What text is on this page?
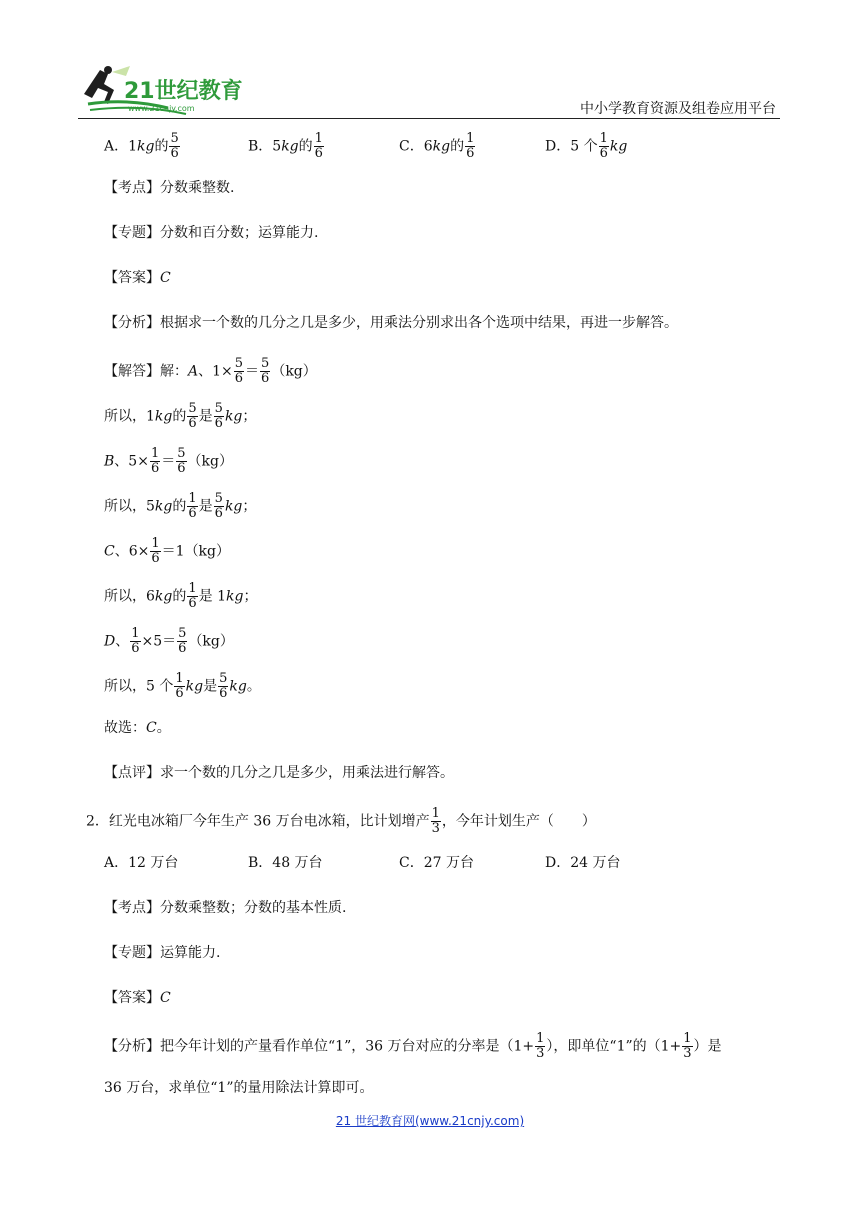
21世纪教育
www.21cnjy.com	中小学教育资源及组卷应用平台
A．1kg的 $\frac{5}{6}$	B．5kg的 $\frac{1}{6}$	C．6kg的 $\frac{1}{6}$	D．5 个 $\frac{1}{6}$ kg
【考点】分数乘整数.
【专题】分数和百分数；运算能力.
【答案】C
【分析】根据求一个数的几分之几是多少，用乘法分别求出各个选项中结果，再进一步解答。
【解答】解：A、$1\times \frac{5}{6} = \frac{5}{6} (kg)$
所以，1kg的 $\frac{5}{6}$ 是 $\frac{5}{6}$ kg；
B、$5\times \frac{1}{6} = \frac{5}{6} (kg)$
所以，5kg的 $\frac{1}{6}$ 是 $\frac{5}{6}$ kg；
C、$6\times \frac{1}{6} =1(kg)$
所以，6kg的 $\frac{1}{6}$ 是 1kg；
D、 $\frac{1}{6} \times 5= \frac{5}{6} (kg)$
所以，5 个 $\frac{1}{6}$ kg是 $\frac{5}{6}$ kg。
故选：C。
【点评】求一个数的几分之几是多少，用乘法进行解答。
2．红光电冰箱厂今年生产 36 万台电冰箱，比计划增产 $\frac{1}{3}$ ，今年计划生产（　　）
A．12 万台	B．48 万台	C．27 万台	D．24 万台
【考点】分数乘整数；分数的基本性质.
【专题】运算能力.
【答案】C
【分析】把今年计划的产量看作单位“1”，36 万台对应的分率是（$1+ \frac{1}{3}$ ），即单位“1”的（$1+ \frac{1}{3}$ ）是
36 万台，求单位“1”的量用除法计算即可。
21 世纪教育网(www.21cnjy.com)
